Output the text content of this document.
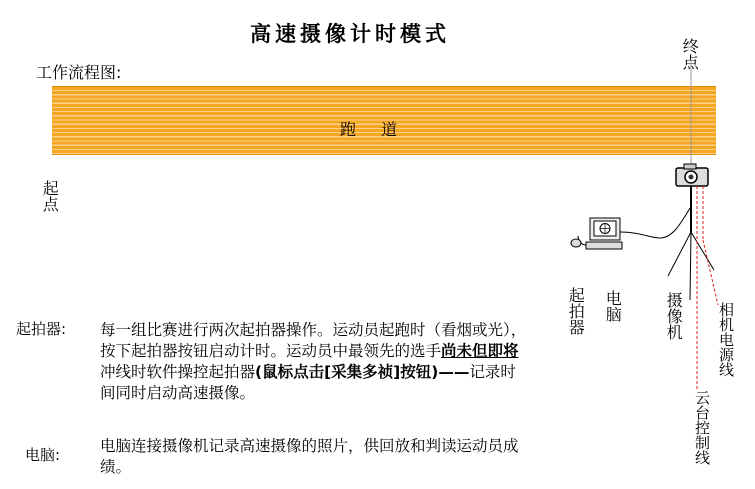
高速摄像计时模式
工作流程图:
跑 道
终点
起点
起拍器 电脑	摄像机 相机电源线
云台控制线
起拍器: 每一组比赛进行两次起拍器操作。运动员起跑时（看烟或光），按下起拍器按钮启动计时。运动员中最领先的选手尚未但即将冲线时软件操控起拍器(鼠标点击[采集多祯]按钮)——记录时间同时启动高速摄像。
电脑:	电脑连接摄像机记录高速摄像的照片，供回放和判读运动员成绩。
